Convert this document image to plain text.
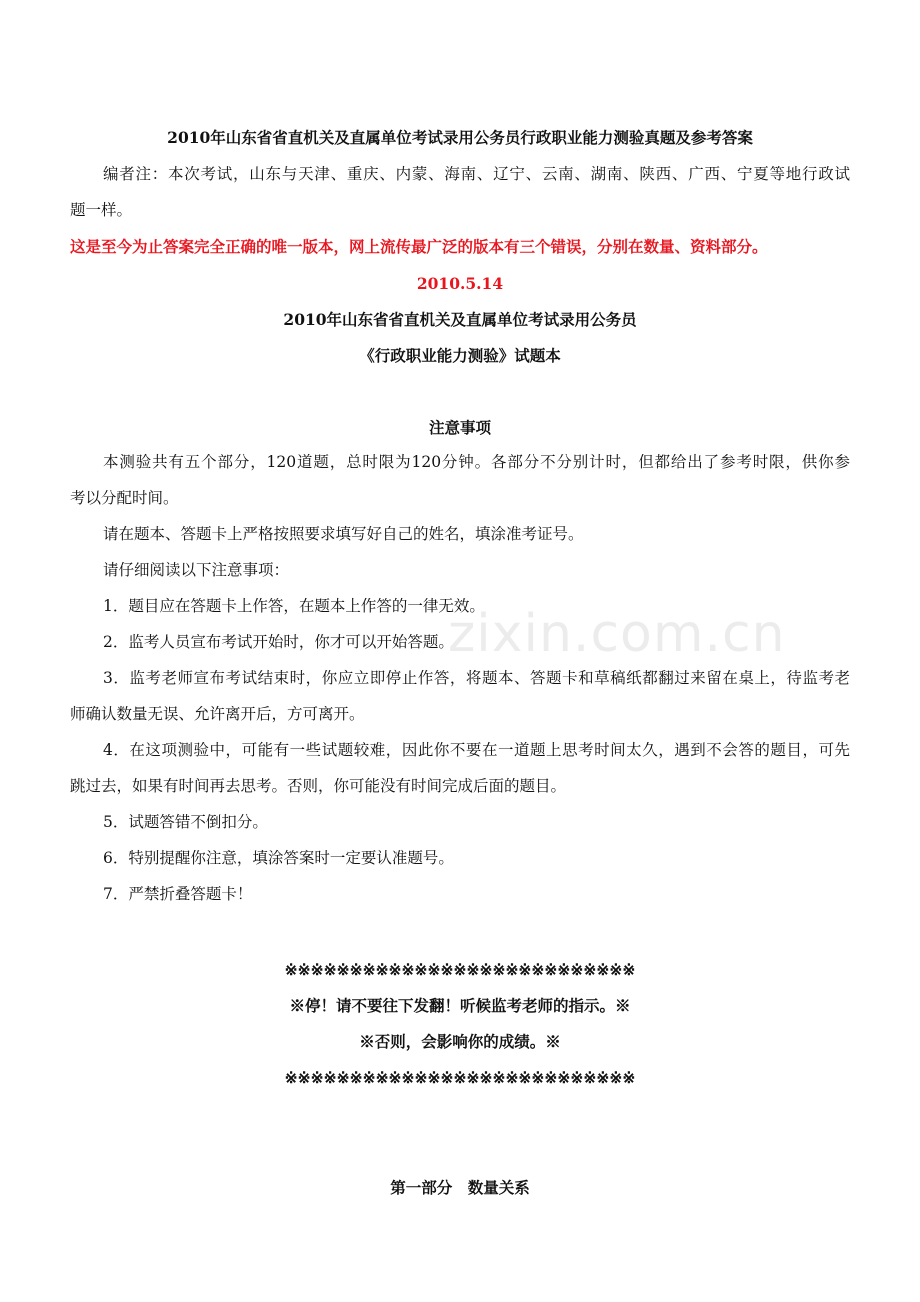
2010年山东省省直机关及直属单位考试录用公务员行政职业能力测验真题及参考答案
编者注：本次考试，山东与天津、重庆、内蒙、海南、辽宁、云南、湖南、陕西、广西、宁夏等地行政试
题一样。
这是至今为止答案完全正确的唯一版本，网上流传最广泛的版本有三个错误，分别在数量、资料部分。
2010.5.14
2010年山东省省直机关及直属单位考试录用公务员
《行政职业能力测验》试题本
注意事项
本测验共有五个部分，120道题，总时限为120分钟。各部分不分别计时，但都给出了参考时限，供你参
考以分配时间。
请在题本、答题卡上严格按照要求填写好自己的姓名，填涂准考证号。
请仔细阅读以下注意事项：
1．题目应在答题卡上作答，在题本上作答的一律无效。
2．监考人员宣布考试开始时，你才可以开始答题。
3．监考老师宣布考试结束时，你应立即停止作答，将题本、答题卡和草稿纸都翻过来留在桌上，待监考老
师确认数量无误、允许离开后，方可离开。
4．在这项测验中，可能有一些试题较难，因此你不要在一道题上思考时间太久，遇到不会答的题目，可先
跳过去，如果有时间再去思考。否则，你可能没有时间完成后面的题目。
5．试题答错不倒扣分。
6．特别提醒你注意，填涂答案时一定要认准题号。
7．严禁折叠答题卡！
※※※※※※※※※※※※※※※※※※※※※※※※※※※
※停！请不要往下发翻！听候监考老师的指示。※
※否则，会影响你的成绩。※
※※※※※※※※※※※※※※※※※※※※※※※※※※※
第一部分　数量关系
zixin.com.cn
